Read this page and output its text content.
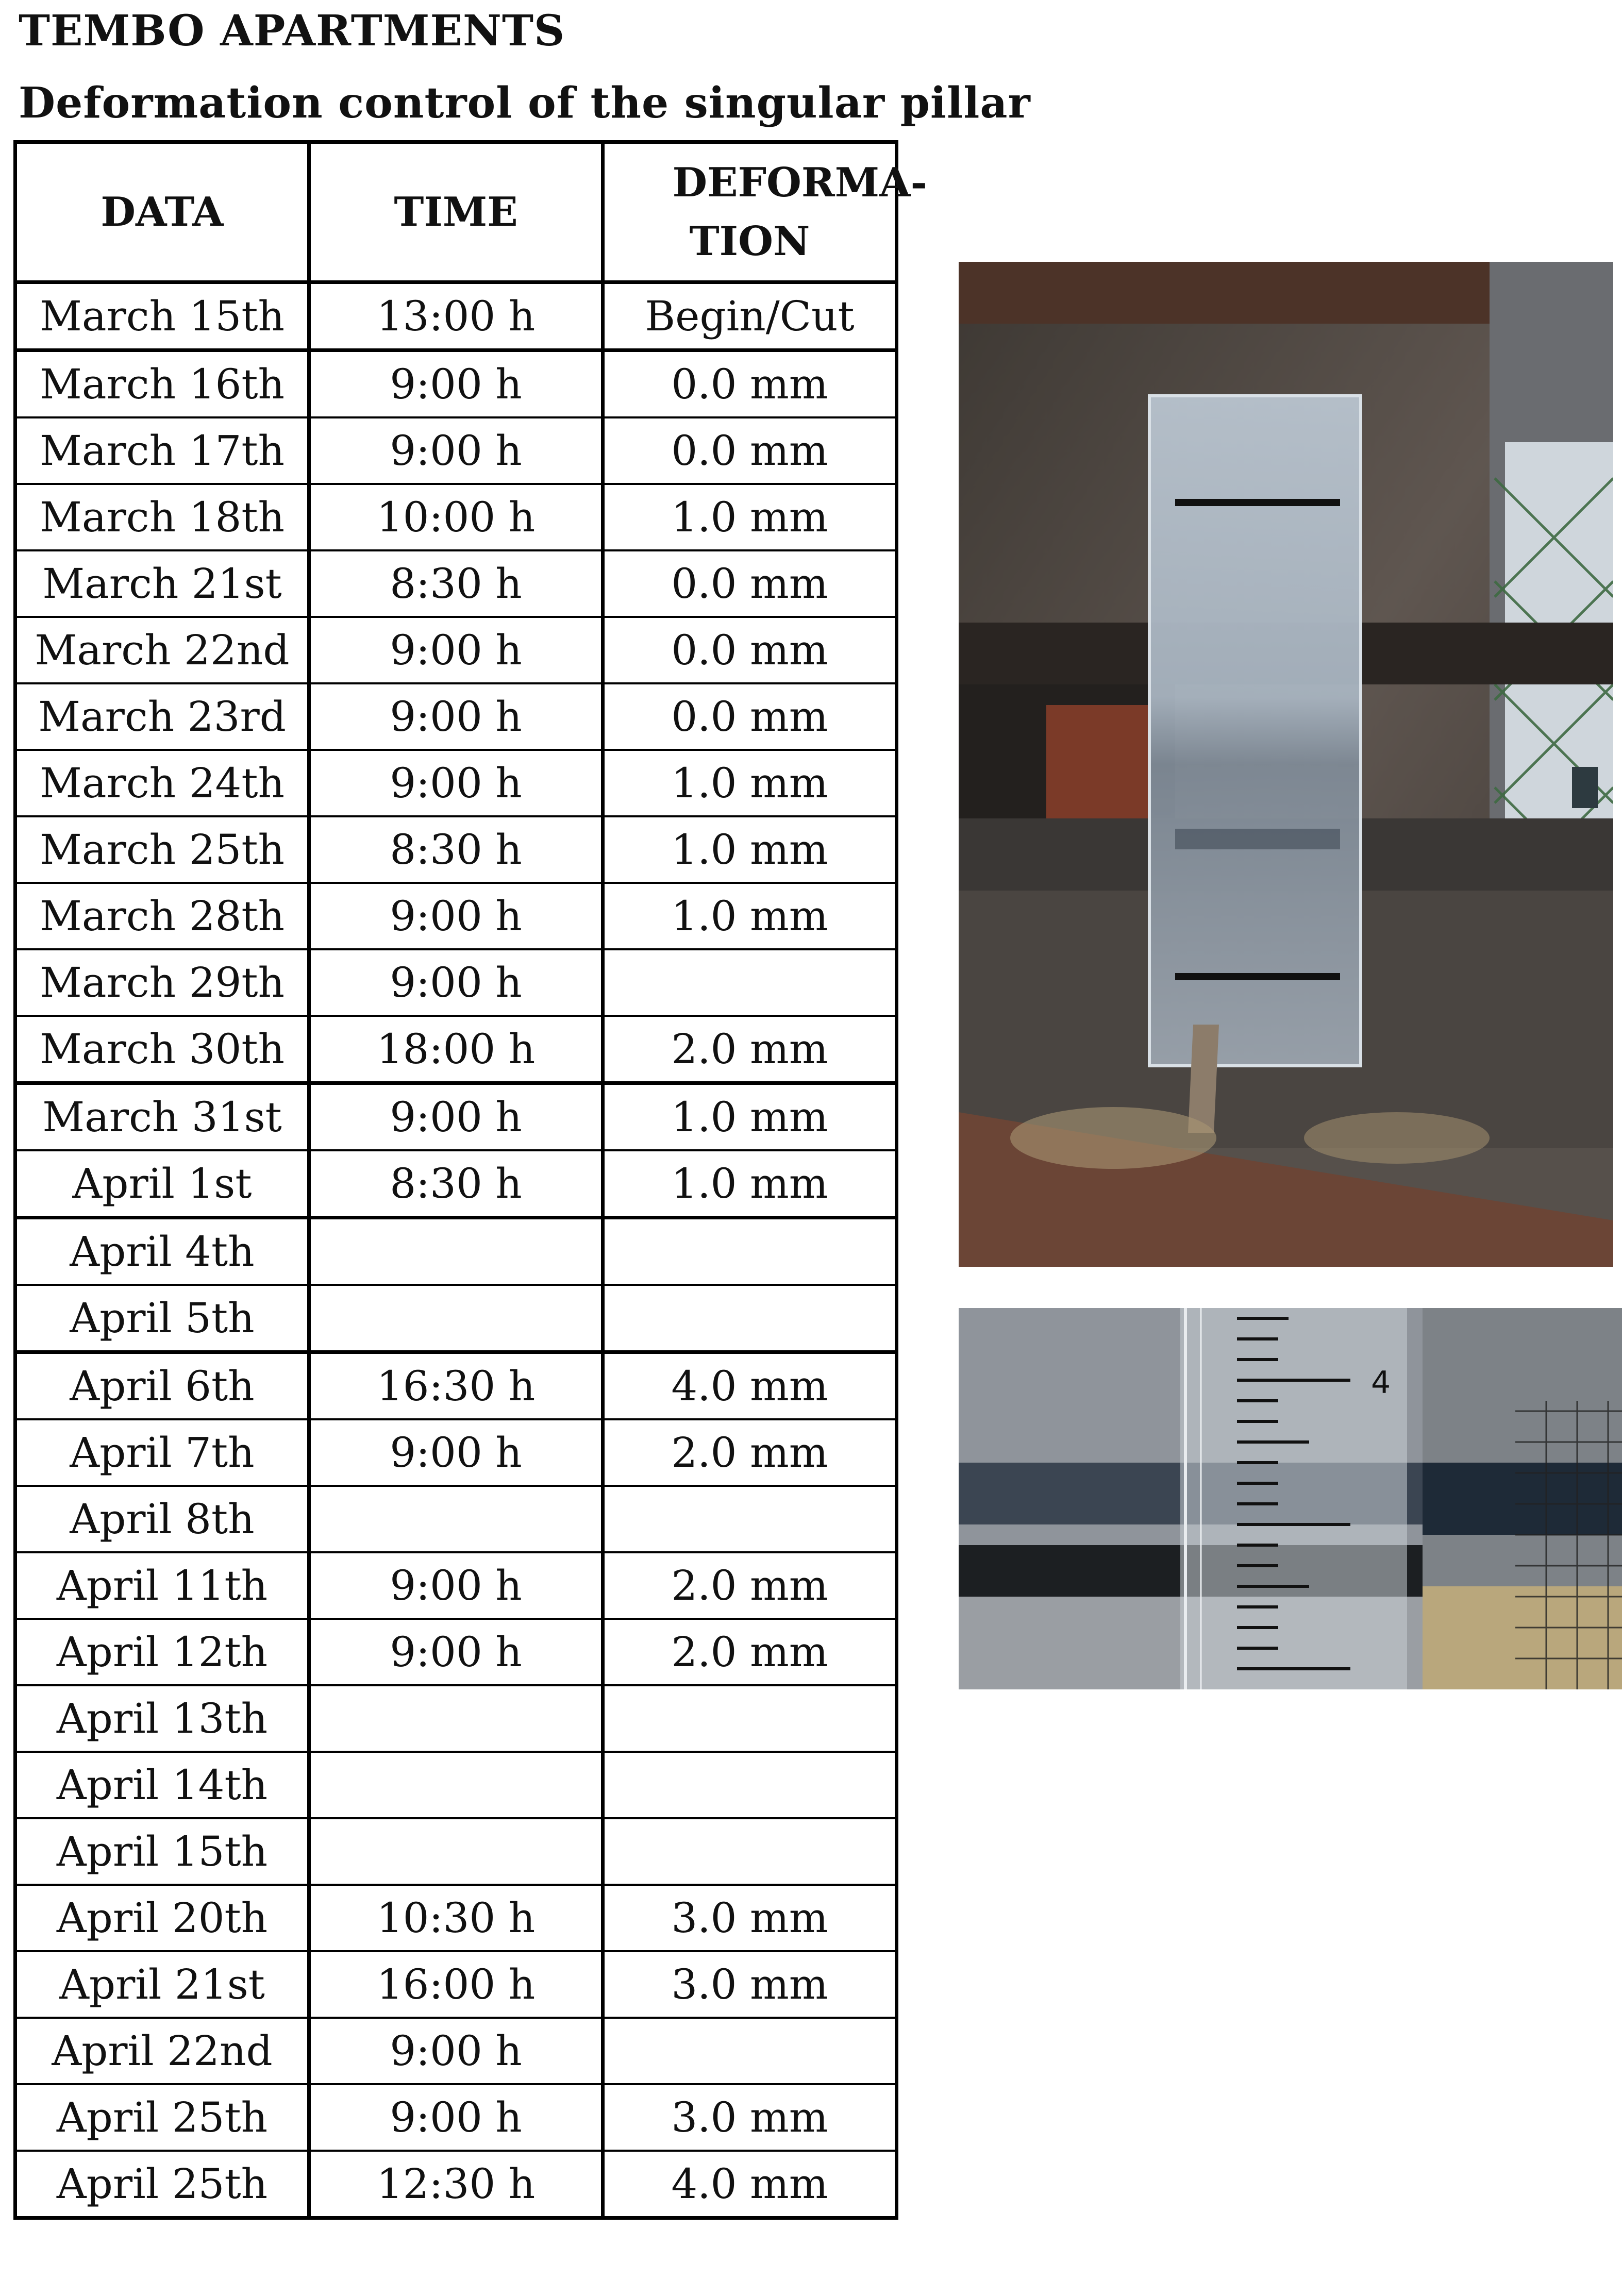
TEMBO APARTMENTS
Deformation control of the singular pillar
DATA	TIME	DEFORMA- TION
March 15th	13:00 h	Begin/Cut
March 16th	9:00 h	0.0 mm
March 17th	9:00 h	0.0 mm
March 18th	10:00 h	1.0 mm
March 21st	8:30 h	0.0 mm
March 22nd	9:00 h	0.0 mm
March 23rd	9:00 h	0.0 mm
March 24th	9:00 h	1.0 mm
March 25th	8:30 h	1.0 mm
March 28th	9:00 h	1.0 mm
March 29th	9:00 h	
March 30th	18:00 h	2.0 mm
March 31st	9:00 h	1.0 mm
April 1st	8:30 h	1.0 mm
April 4th		
April 5th		
April 6th	16:30 h	4.0 mm
April 7th	9:00 h	2.0 mm
April 8th		
April 11th	9:00 h	2.0 mm
April 12th	9:00 h	2.0 mm
April 13th		
April 14th		
April 15th		
April 20th	10:30 h	3.0 mm
April 21st	16:00 h	3.0 mm
April 22nd	9:00 h	
April 25th	9:00 h	3.0 mm
April 25th	12:30 h	4.0 mm
4
